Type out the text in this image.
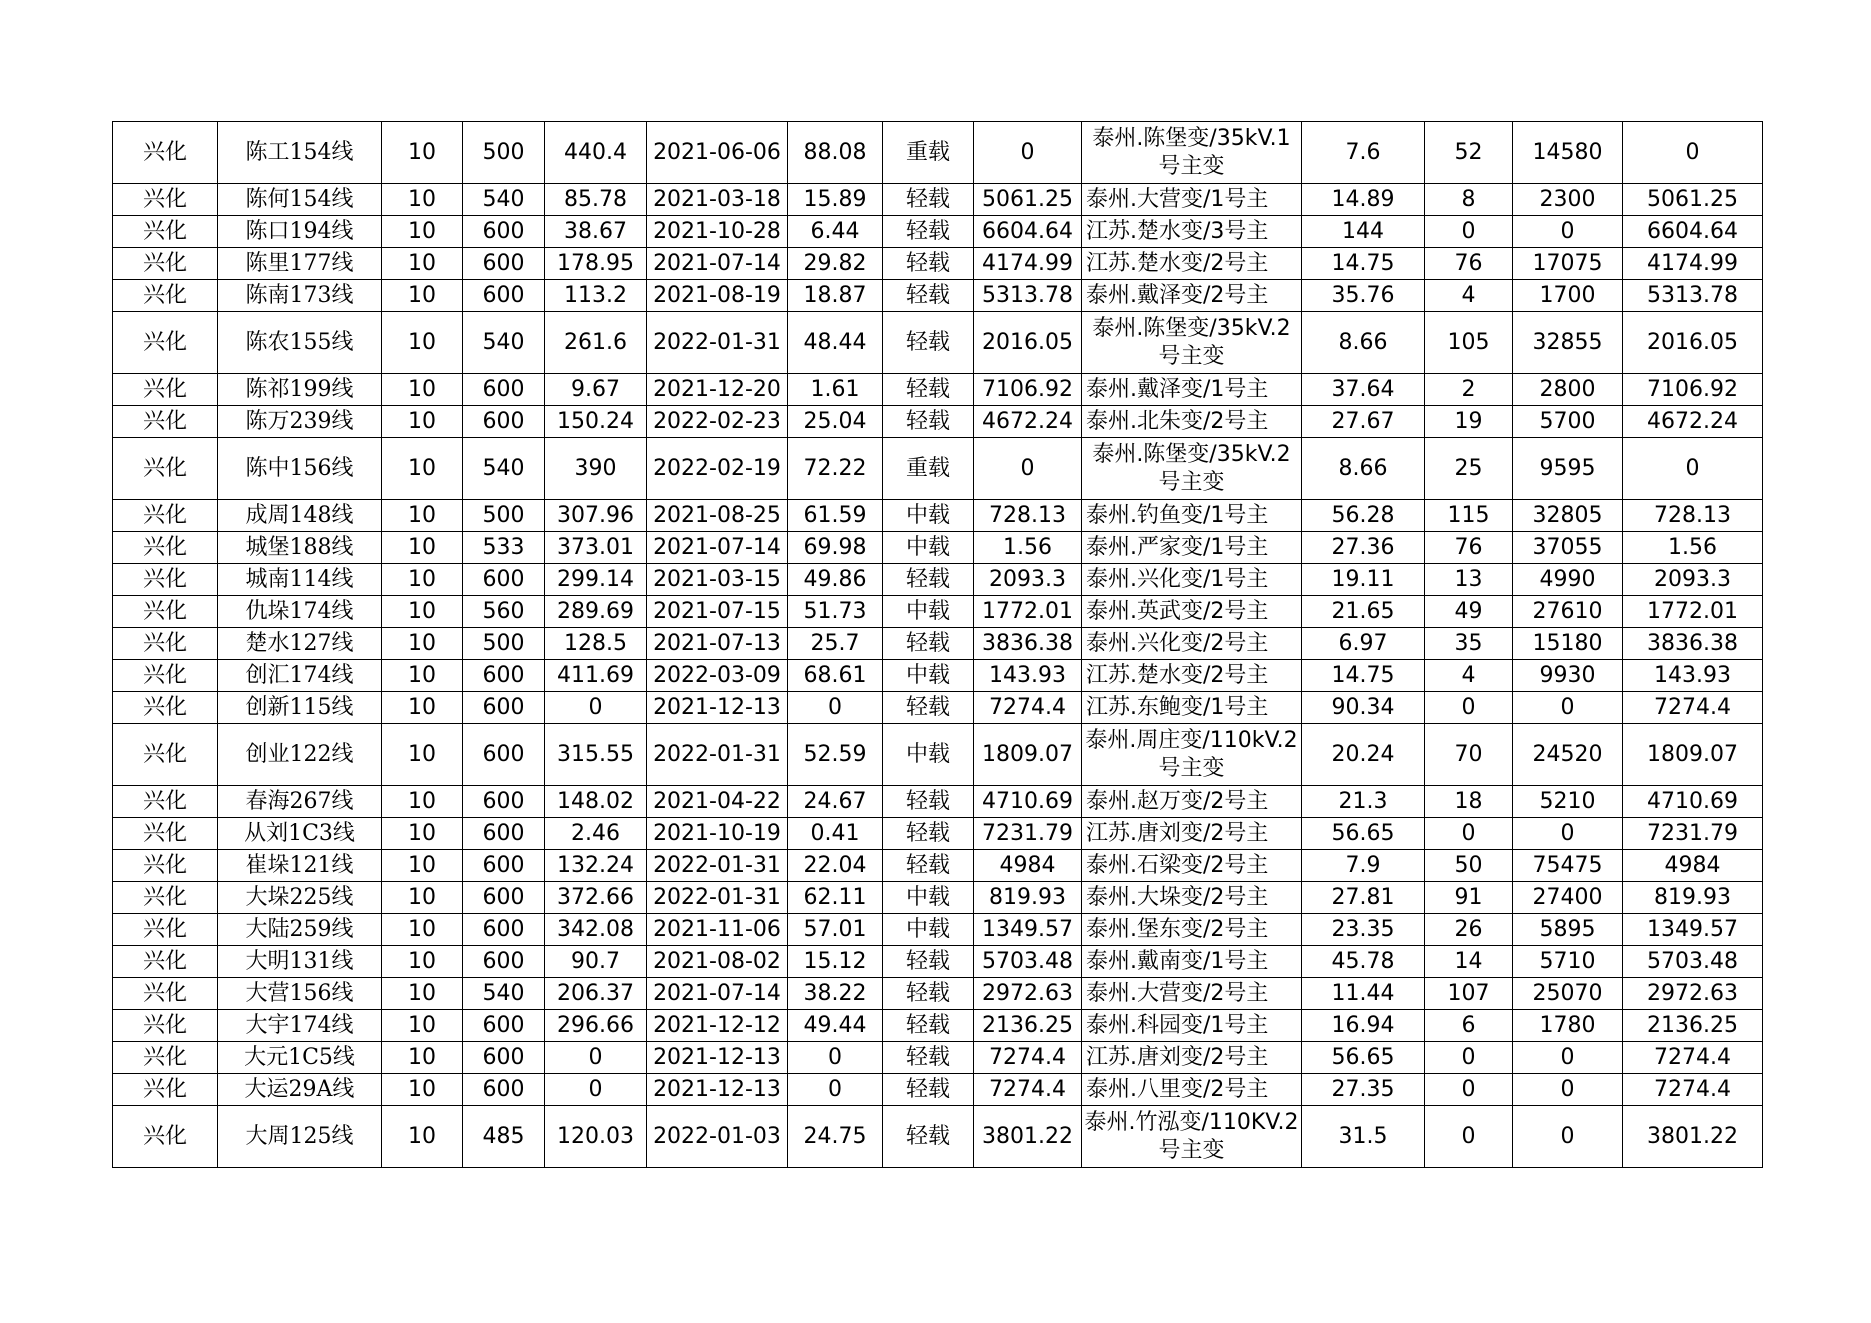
兴化	陈工154线	10	500	440.4	2021-06-06	88.08	重载	0	泰州.陈堡变/35kV.1号主变	7.6	52	14580	0
兴化	陈何154线	10	540	85.78	2021-03-18	15.89	轻载	5061.25	泰州.大营变/1号主	14.89	8	2300	5061.25
兴化	陈口194线	10	600	38.67	2021-10-28	6.44	轻载	6604.64	江苏.楚水变/3号主	144	0	0	6604.64
兴化	陈里177线	10	600	178.95	2021-07-14	29.82	轻载	4174.99	江苏.楚水变/2号主	14.75	76	17075	4174.99
兴化	陈南173线	10	600	113.2	2021-08-19	18.87	轻载	5313.78	泰州.戴泽变/2号主	35.76	4	1700	5313.78
兴化	陈农155线	10	540	261.6	2022-01-31	48.44	轻载	2016.05	泰州.陈堡变/35kV.2号主变	8.66	105	32855	2016.05
兴化	陈祁199线	10	600	9.67	2021-12-20	1.61	轻载	7106.92	泰州.戴泽变/1号主	37.64	2	2800	7106.92
兴化	陈万239线	10	600	150.24	2022-02-23	25.04	轻载	4672.24	泰州.北朱变/2号主	27.67	19	5700	4672.24
兴化	陈中156线	10	540	390	2022-02-19	72.22	重载	0	泰州.陈堡变/35kV.2号主变	8.66	25	9595	0
兴化	成周148线	10	500	307.96	2021-08-25	61.59	中载	728.13	泰州.钓鱼变/1号主	56.28	115	32805	728.13
兴化	城堡188线	10	533	373.01	2021-07-14	69.98	中载	1.56	泰州.严家变/1号主	27.36	76	37055	1.56
兴化	城南114线	10	600	299.14	2021-03-15	49.86	轻载	2093.3	泰州.兴化变/1号主	19.11	13	4990	2093.3
兴化	仇垛174线	10	560	289.69	2021-07-15	51.73	中载	1772.01	泰州.英武变/2号主	21.65	49	27610	1772.01
兴化	楚水127线	10	500	128.5	2021-07-13	25.7	轻载	3836.38	泰州.兴化变/2号主	6.97	35	15180	3836.38
兴化	创汇174线	10	600	411.69	2022-03-09	68.61	中载	143.93	江苏.楚水变/2号主	14.75	4	9930	143.93
兴化	创新115线	10	600	0	2021-12-13	0	轻载	7274.4	江苏.东鲍变/1号主	90.34	0	0	7274.4
兴化	创业122线	10	600	315.55	2022-01-31	52.59	中载	1809.07	泰州.周庄变/110kV.2号主变	20.24	70	24520	1809.07
兴化	春海267线	10	600	148.02	2021-04-22	24.67	轻载	4710.69	泰州.赵万变/2号主	21.3	18	5210	4710.69
兴化	从刘1C3线	10	600	2.46	2021-10-19	0.41	轻载	7231.79	江苏.唐刘变/2号主	56.65	0	0	7231.79
兴化	崔垛121线	10	600	132.24	2022-01-31	22.04	轻载	4984	泰州.石梁变/2号主	7.9	50	75475	4984
兴化	大垛225线	10	600	372.66	2022-01-31	62.11	中载	819.93	泰州.大垛变/2号主	27.81	91	27400	819.93
兴化	大陆259线	10	600	342.08	2021-11-06	57.01	中载	1349.57	泰州.堡东变/2号主	23.35	26	5895	1349.57
兴化	大明131线	10	600	90.7	2021-08-02	15.12	轻载	5703.48	泰州.戴南变/1号主	45.78	14	5710	5703.48
兴化	大营156线	10	540	206.37	2021-07-14	38.22	轻载	2972.63	泰州.大营变/2号主	11.44	107	25070	2972.63
兴化	大宇174线	10	600	296.66	2021-12-12	49.44	轻载	2136.25	泰州.科园变/1号主	16.94	6	1780	2136.25
兴化	大元1C5线	10	600	0	2021-12-13	0	轻载	7274.4	江苏.唐刘变/2号主	56.65	0	0	7274.4
兴化	大运29A线	10	600	0	2021-12-13	0	轻载	7274.4	泰州.八里变/2号主	27.35	0	0	7274.4
兴化	大周125线	10	485	120.03	2022-01-03	24.75	轻载	3801.22	泰州.竹泓变/110KV.2号主变	31.5	0	0	3801.22
